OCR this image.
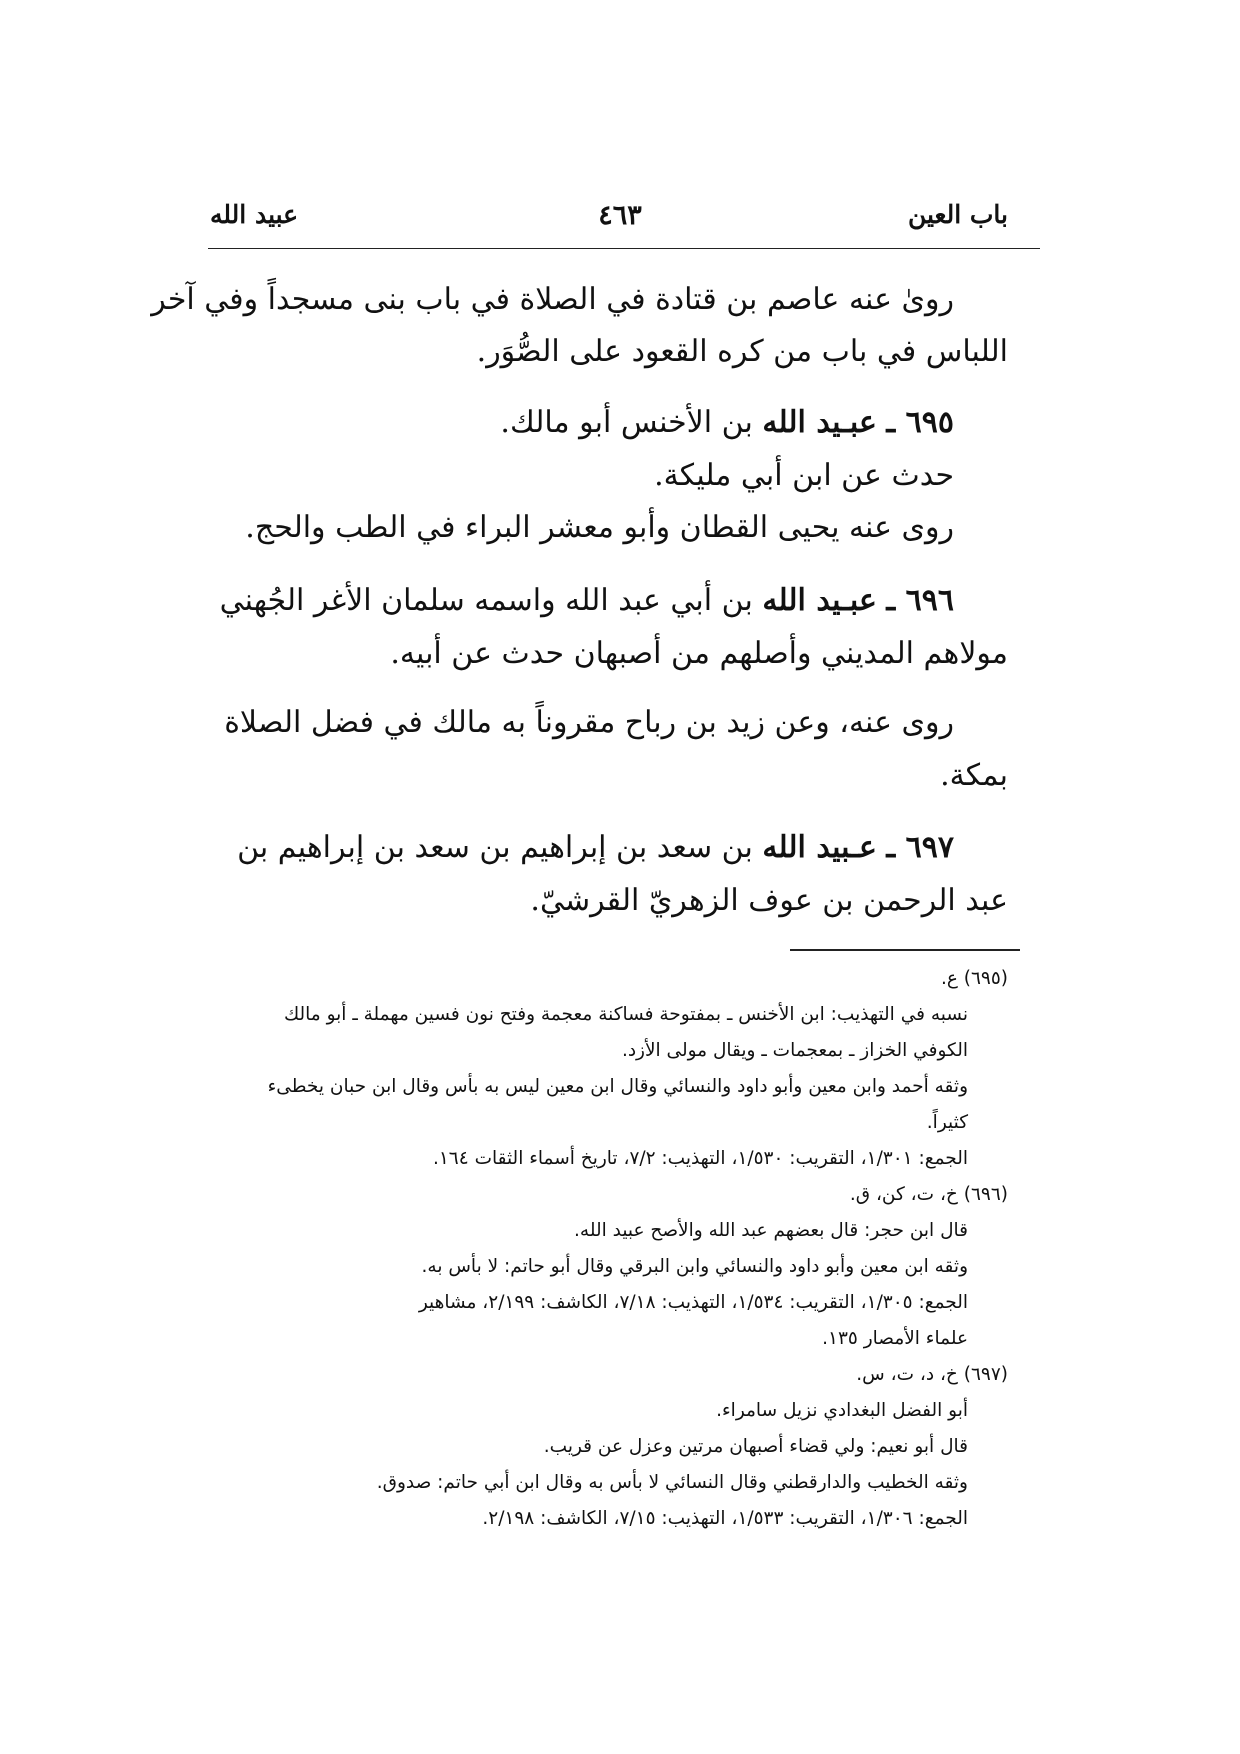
باب العين
٤٦٣
عبيد الله
روىٰ عنه عاصم بن قتادة في الصلاة في باب بنى مسجداً وفي آخر
اللباس في باب من كره القعود على الصُّوَر.
٦٩٥ ـ عبـيد الله بن الأخنس أبو مالك.
حدث عن ابن أبي مليكة.
روى عنه يحيى القطان وأبو معشر البراء في الطب والحج.
٦٩٦ ـ عبـيد الله بن أبي عبد الله واسمه سلمان الأغر الجُهني
مولاهم المديني وأصلهم من أصبهان حدث عن أبيه.
روى عنه، وعن زيد بن رباح مقروناً به مالك في فضل الصلاة
بمكة.
٦٩٧ ـ عـبيد الله بن سعد بن إبراهيم بن سعد بن إبراهيم بن
عبد الرحمن بن عوف الزهريّ القرشيّ.
(٦٩٥) ع.
نسبه في التهذيب: ابن الأخنس ـ بمفتوحة فساكنة معجمة وفتح نون فسين مهملة ـ أبو مالك
الكوفي الخزاز ـ بمعجمات ـ ويقال مولى الأزد.
وثقه أحمد وابن معين وأبو داود والنسائي وقال ابن معين ليس به بأس وقال ابن حبان يخطىء
كثيراً.
الجمع: ١/٣٠١، التقريب: ١/٥٣٠، التهذيب: ٧/٢، تاريخ أسماء الثقات ١٦٤.
(٦٩٦) خ، ت، كن، ق.
قال ابن حجر: قال بعضهم عبد الله والأصح عبيد الله.
وثقه ابن معين وأبو داود والنسائي وابن البرقي وقال أبو حاتم: لا بأس به.
الجمع: ١/٣٠٥، التقريب: ١/٥٣٤، التهذيب: ٧/١٨، الكاشف: ٢/١٩٩، مشاهير
علماء الأمصار ١٣٥.
(٦٩٧) خ، د، ت، س.
أبو الفضل البغدادي نزيل سامراء.
قال أبو نعيم: ولي قضاء أصبهان مرتين وعزل عن قريب.
وثقه الخطيب والدارقطني وقال النسائي لا بأس به وقال ابن أبي حاتم: صدوق.
الجمع: ١/٣٠٦، التقريب: ١/٥٣٣، التهذيب: ٧/١٥، الكاشف: ٢/١٩٨.
